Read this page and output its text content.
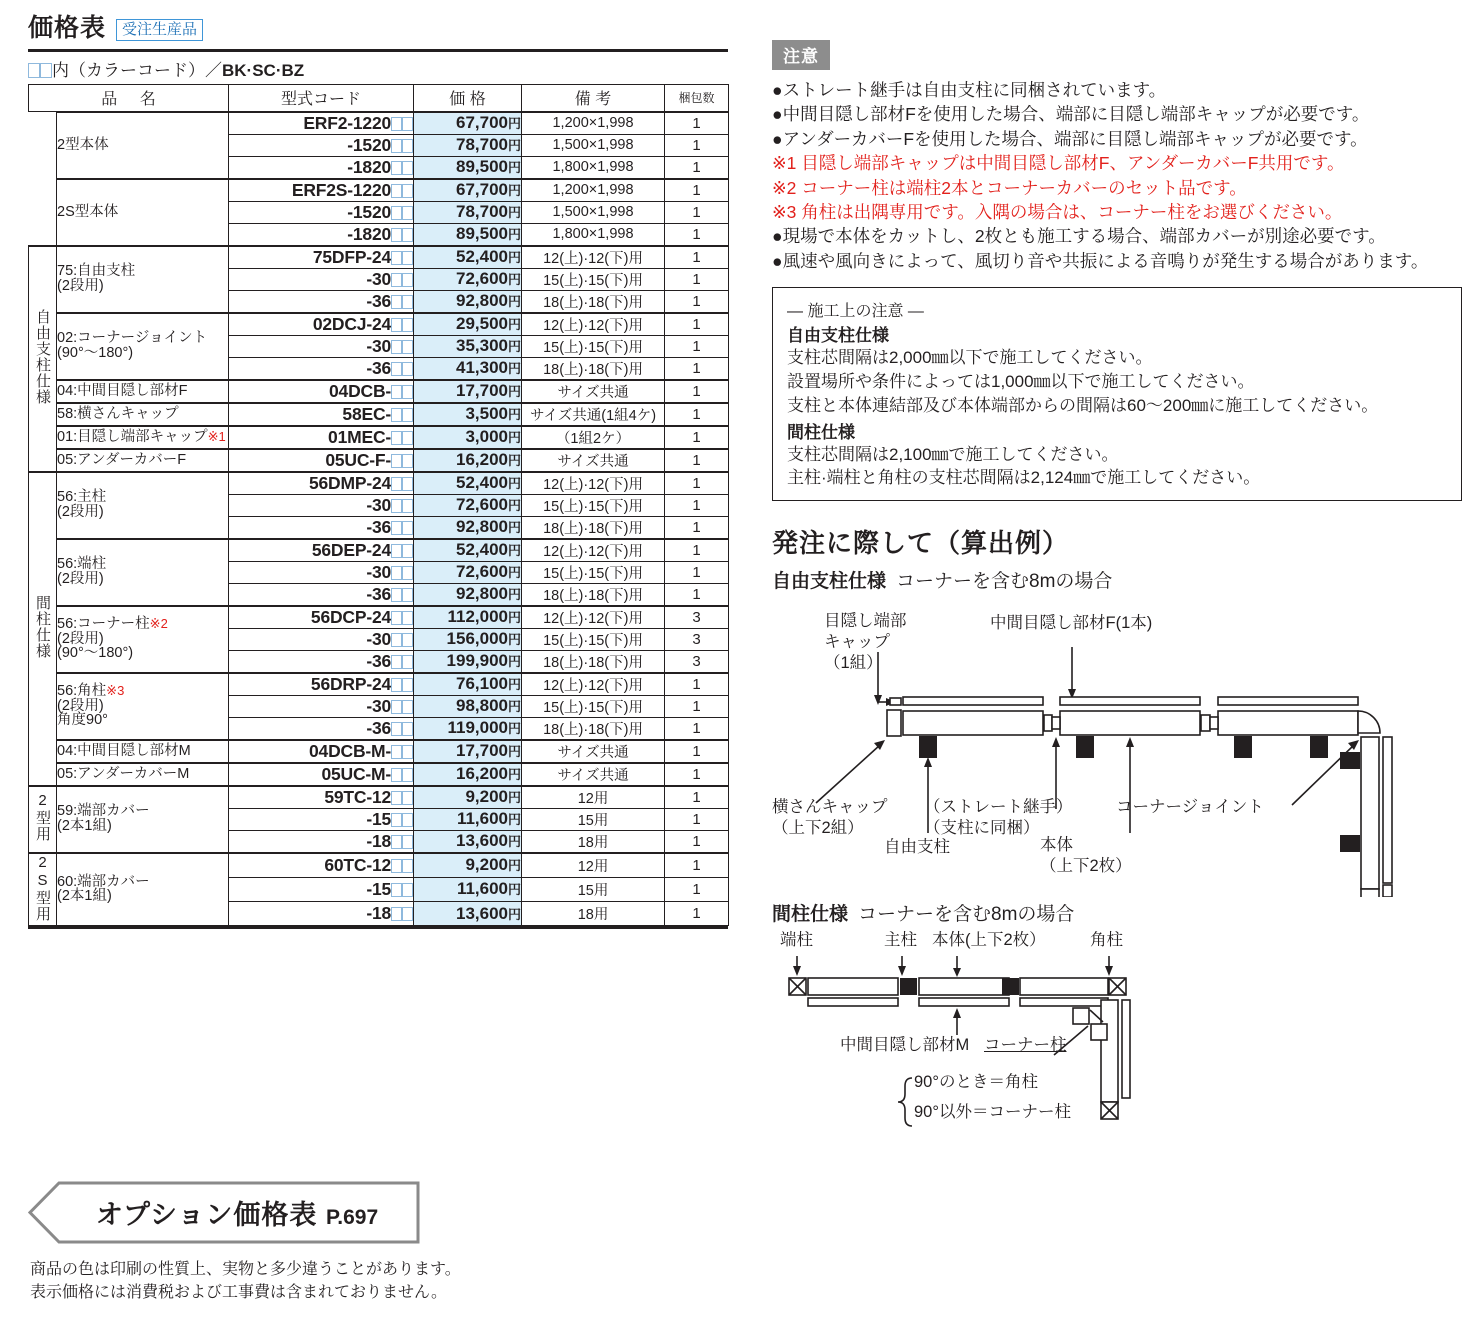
価格表	受注生産品
内（カラーコード）／BK·SC·BZ
品 名		型式コード	価 格	備 考	梱包数

	2型本体	ERF2-1220	67,700円	1,200×1,998	1
		-1520	78,700円	1,500×1,998	1
		-1820	89,500円	1,800×1,998	1

	2S型本体	ERF2S-1220	67,700円	1,200×1,998	1
		-1520	78,700円	1,500×1,998	1
		-1820	89,500円	1,800×1,998	1
自由支柱仕様	75:自由支柱
(2段用)	75DFP-24	52,400円	12(上)·12(下)用	1
		-30	72,600円	15(上)·15(下)用	1
		-36	92,800円	18(上)·18(下)用	1

	02:コーナージョイント
(90°〜180°)	02DCJ-24	29,500円	12(上)·12(下)用	1
		-30	35,300円	15(上)·15(下)用	1
		-36	41,300円	18(上)·18(下)用	1

	04:中間目隠し部材F	04DCB-	17,700円	サイズ共通	1

	58:横さんキャップ	58EC-	3,500円	サイズ共通(1組4ケ)	1

	01:目隠し端部キャップ※1	01MEC-	3,000円	（1組2ケ）	1

	05:アンダーカバーF	05UC-F-	16,200円	サイズ共通	1
間柱仕様	56:主柱
(2段用)	56DMP-24	52,400円	12(上)·12(下)用	1
		-30	72,600円	15(上)·15(下)用	1
		-36	92,800円	18(上)·18(下)用	1

	56:端柱
(2段用)	56DEP-24	52,400円	12(上)·12(下)用	1
		-30	72,600円	15(上)·15(下)用	1
		-36	92,800円	18(上)·18(下)用	1

	56:コーナー柱※2
(2段用)
(90°〜180°)	56DCP-24	112,000円	12(上)·12(下)用	3
		-30	156,000円	15(上)·15(下)用	3
		-36	199,900円	18(上)·18(下)用	3

	56:角柱※3
(2段用)
角度90°	56DRP-24	76,100円	12(上)·12(下)用	1
		-30	98,800円	15(上)·15(下)用	1
		-36	119,000円	18(上)·18(下)用	1

	04:中間目隠し部材M	04DCB-M-	17,700円	サイズ共通	1

	05:アンダーカバーM	05UC-M-	16,200円	サイズ共通	1
2型用	59:端部カバー
(2本1組)	59TC-12	9,200円	12用	1
		-15	11,600円	15用	1
		-18	13,600円	18用	1
2S型用	60:端部カバー
(2本1組)	60TC-12	9,200円	12用	1
		-15	11,600円	15用	1
		-18	13,600円	18用	1
オプション価格表 P.697
商品の色は印刷の性質上、実物と多少違うことがあります。
表示価格には消費税および工事費は含まれておりません。
注意
●ストレート継手は自由支柱に同梱されています。
●中間目隠し部材Fを使用した場合、端部に目隠し端部キャップが必要です。
●アンダーカバーFを使用した場合、端部に目隠し端部キャップが必要です。
※1 目隠し端部キャップは中間目隠し部材F、アンダーカバーF共用です。
※2 コーナー柱は端柱2本とコーナーカバーのセット品です。
※3 角柱は出隅専用です。入隅の場合は、コーナー柱をお選びください。
●現場で本体をカットし、2枚とも施工する場合、端部カバーが別途必要です。
●風速や風向きによって、風切り音や共振による音鳴りが発生する場合があります。
― 施工上の注意 ―
自由支柱仕様
支柱芯間隔は2,000㎜以下で施工してください。
設置場所や条件によっては1,000㎜以下で施工してください。
支柱と本体連結部及び本体端部からの間隔は60〜200㎜に施工してください。
間柱仕様
支柱芯間隔は2,100㎜で施工してください。
主柱·端柱と角柱の支柱芯間隔は2,124㎜で施工してください。
発注に際して（算出例）
自由支柱仕様 コーナーを含む8mの場合
目隠し端部
キャップ
（1組）
中間目隠し部材F(1本)
横さんキャップ
（上下2組）
（ストレート継手）
（支柱に同梱）
コーナージョイント
自由支柱	本体
（上下2枚）
間柱仕様 コーナーを含む8mの場合
端柱	主柱 本体(上下2枚）	角柱
中間目隠し部材M コーナー柱
90°のとき＝角柱
90°以外＝コーナー柱
